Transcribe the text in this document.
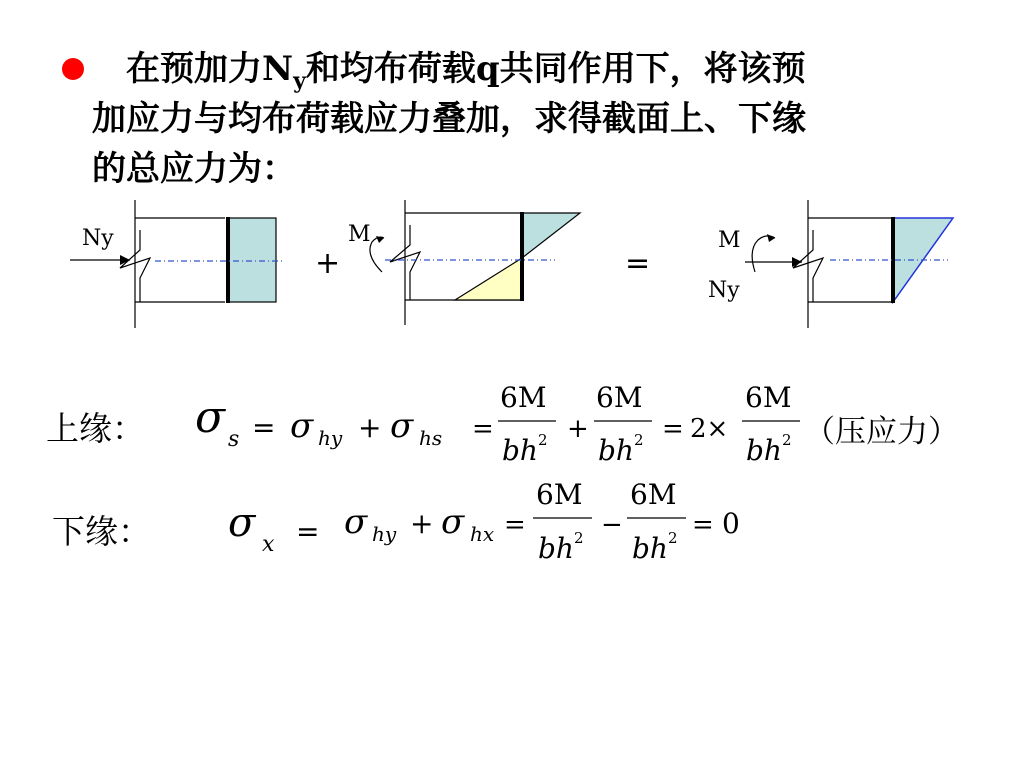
在预加力$N_y$和均布荷载q共同作用下，将该预
加应力与均布荷载应力叠加，求得截面上、下缘
的总应力为：
Ny	M
+	=
M
Ny
上缘： σ s = σ hy + σ hs =
6M
bh 2 +
6M
bh 2 = 2×
6M
bh 2 （压应力）
下缘： σ x = σ hy + σ hx =
6M
bh 2 −
6M
bh 2 = 0
